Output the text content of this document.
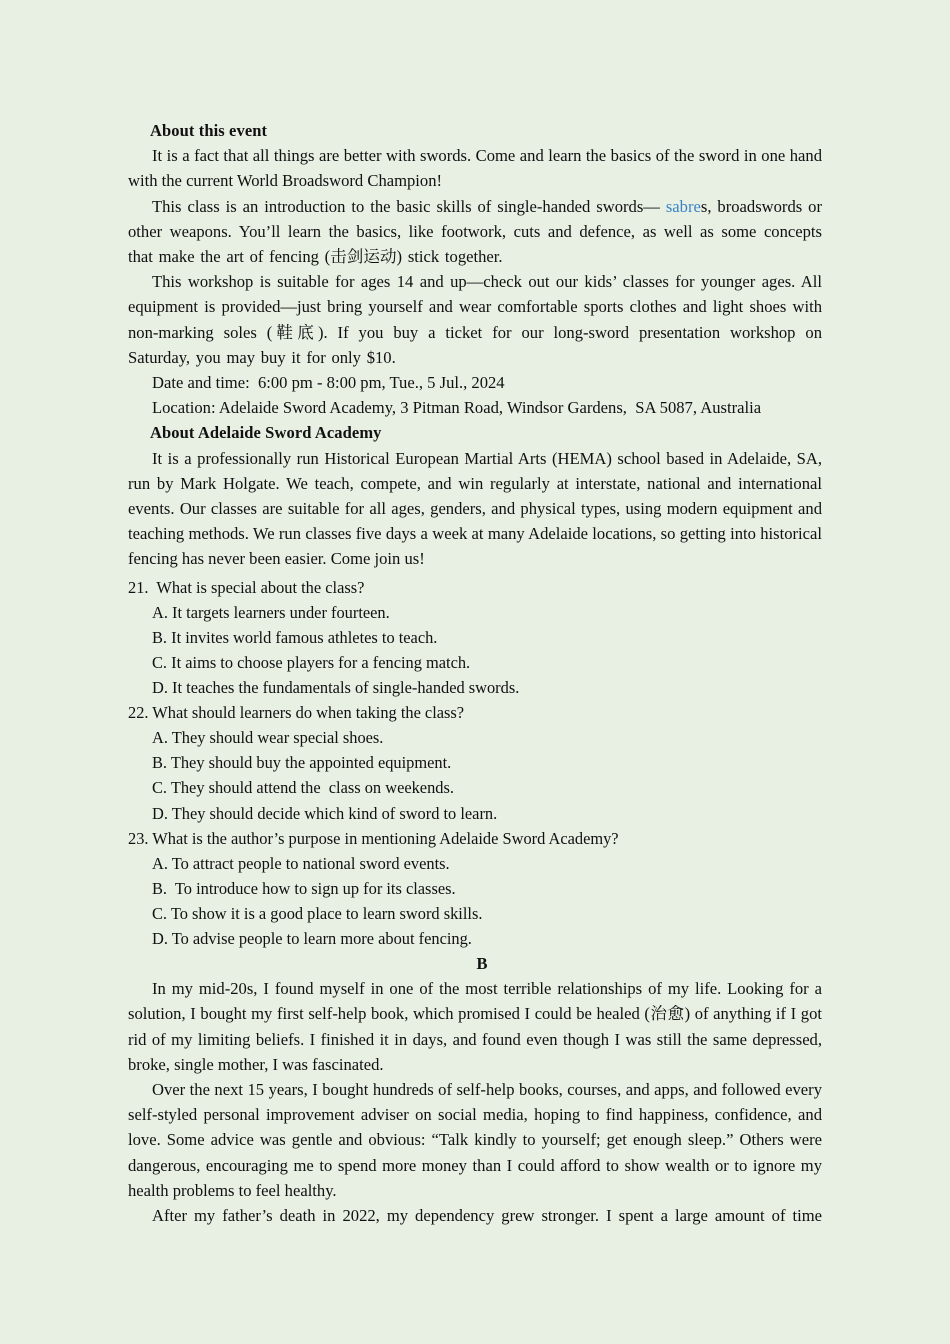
About this event

It is a fact that all things are better with swords. Come and learn the basics of the sword in one hand with the current World Broadsword Champion!

This class is an introduction to the basic skills of single-handed swords— sabres, broadswords or other weapons. You’ll learn the basics, like footwork, cuts and defence, as well as some concepts that make the art of fencing (击剑运动) stick together.

This workshop is suitable for ages 14 and up—check out our kids’ classes for younger ages. All equipment is provided—just bring yourself and wear comfortable sports clothes and light shoes with non-marking soles (鞋底). If you buy a ticket for our long-sword presentation workshop on Saturday, you may buy it for only $10.

Date and time:  6:00 pm - 8:00 pm, Tue., 5 Jul., 2024
Location: Adelaide Sword Academy, 3 Pitman Road, Windsor Gardens,  SA 5087, Australia
About Adelaide Sword Academy

It is a professionally run Historical European Martial Arts (HEMA) school based in Adelaide, SA, run by Mark Holgate. We teach, compete, and win regularly at interstate, national and international events. Our classes are suitable for all ages, genders, and physical types, using modern equipment and teaching methods. We run classes five days a week at many Adelaide locations, so getting into historical fencing has never been easier. Come join us!

21.  What is special about the class?
A. It targets learners under fourteen.
B. It invites world famous athletes to teach.
C. It aims to choose players for a fencing match.
D. It teaches the fundamentals of single-handed swords.
22. What should learners do when taking the class?
A. They should wear special shoes.
B. They should buy the appointed equipment.
C. They should attend the  class on weekends.
D. They should decide which kind of sword to learn.
23. What is the author’s purpose in mentioning Adelaide Sword Academy?
A. To attract people to national sword events.
B.  To introduce how to sign up for its classes.
C. To show it is a good place to learn sword skills.
D. To advise people to learn more about fencing.
B

In my mid-20s, I found myself in one of the most terrible relationships of my life. Looking for a solution, I bought my first self-help book, which promised I could be healed (治愈) of anything if I got rid of my limiting beliefs. I finished it in days, and found even though I was still the same depressed, broke, single mother, I was fascinated.

Over the next 15 years, I bought hundreds of self-help books, courses, and apps, and followed every self-styled personal improvement adviser on social media, hoping to find happiness, confidence, and love. Some advice was gentle and obvious: “Talk kindly to yourself; get enough sleep.” Others were dangerous, encouraging me to spend more money than I could afford to show wealth or to ignore my health problems to feel healthy.

After my father’s death in 2022, my dependency grew stronger. I spent a large amount of time
